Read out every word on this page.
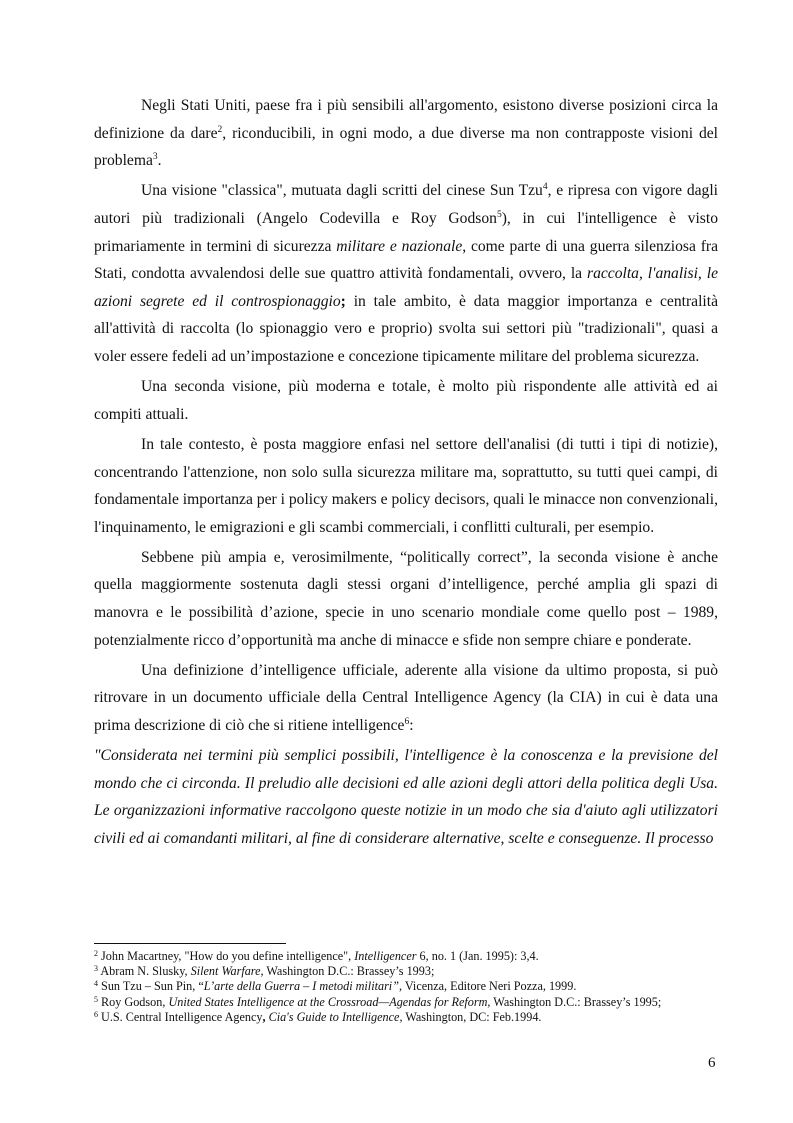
Negli Stati Uniti, paese fra i più sensibili all'argomento, esistono diverse posizioni circa la definizione da dare$^2$, riconducibili, in ogni modo, a due diverse ma non contrapposte visioni del problema$^3$.

Una visione "classica", mutuata dagli scritti del cinese Sun Tzu$^4$, e ripresa con vigore dagli autori più tradizionali (Angelo Codevilla e Roy Godson$^5$), in cui l'intelligence è visto primariamente in termini di sicurezza militare e nazionale, come parte di una guerra silenziosa fra Stati, condotta avvalendosi delle sue quattro attività fondamentali, ovvero, la raccolta, l'analisi, le azioni segrete ed il controspionaggio; in tale ambito, è data maggior importanza e centralità all'attività di raccolta (lo spionaggio vero e proprio) svolta sui settori più "tradizionali", quasi a voler essere fedeli ad un’impostazione e concezione tipicamente militare del problema sicurezza.

Una seconda visione, più moderna e totale, è molto più rispondente alle attività ed ai compiti attuali.

In tale contesto, è posta maggiore enfasi nel settore dell'analisi (di tutti i tipi di notizie), concentrando l'attenzione, non solo sulla sicurezza militare ma, soprattutto, su tutti quei campi, di fondamentale importanza per i policy makers e policy decisors, quali le minacce non convenzionali, l'inquinamento, le emigrazioni e gli scambi commerciali, i conflitti culturali, per esempio.

Sebbene più ampia e, verosimilmente, “politically correct”, la seconda visione è anche quella maggiormente sostenuta dagli stessi organi d’intelligence, perché amplia gli spazi di manovra e le possibilità d’azione, specie in uno scenario mondiale come quello post – 1989, potenzialmente ricco d’opportunità ma anche di minacce e sfide non sempre chiare e ponderate.

Una definizione d’intelligence ufficiale, aderente alla visione da ultimo proposta, si può ritrovare in un documento ufficiale della Central Intelligence Agency (la CIA) in cui è data una prima descrizione di ciò che si ritiene intelligence$^6$:

"Considerata nei termini più semplici possibili, l'intelligence è la conoscenza e la previsione del mondo che ci circonda. Il preludio alle decisioni ed alle azioni degli attori della politica degli Usa. Le organizzazioni informative raccolgono queste notizie in un modo che sia d'aiuto agli utilizzatori civili ed ai comandanti militari, al fine di considerare alternative, scelte e conseguenze. Il processo

$^2$ John Macartney, "How do you define intelligence", Intelligencer 6, no. 1 (Jan. 1995): 3,4.
$^3$ Abram N. Slusky, Silent Warfare, Washington D.C.: Brassey’s 1993;
$^4$ Sun Tzu – Sun Pin, “L’arte della Guerra – I metodi militari”, Vicenza, Editore Neri Pozza, 1999.
$^5$ Roy Godson, United States Intelligence at the Crossroad—Agendas for Reform, Washington D.C.: Brassey’s 1995;
$^6$ U.S. Central Intelligence Agency, Cia's Guide to Intelligence, Washington, DC: Feb.1994.
6
